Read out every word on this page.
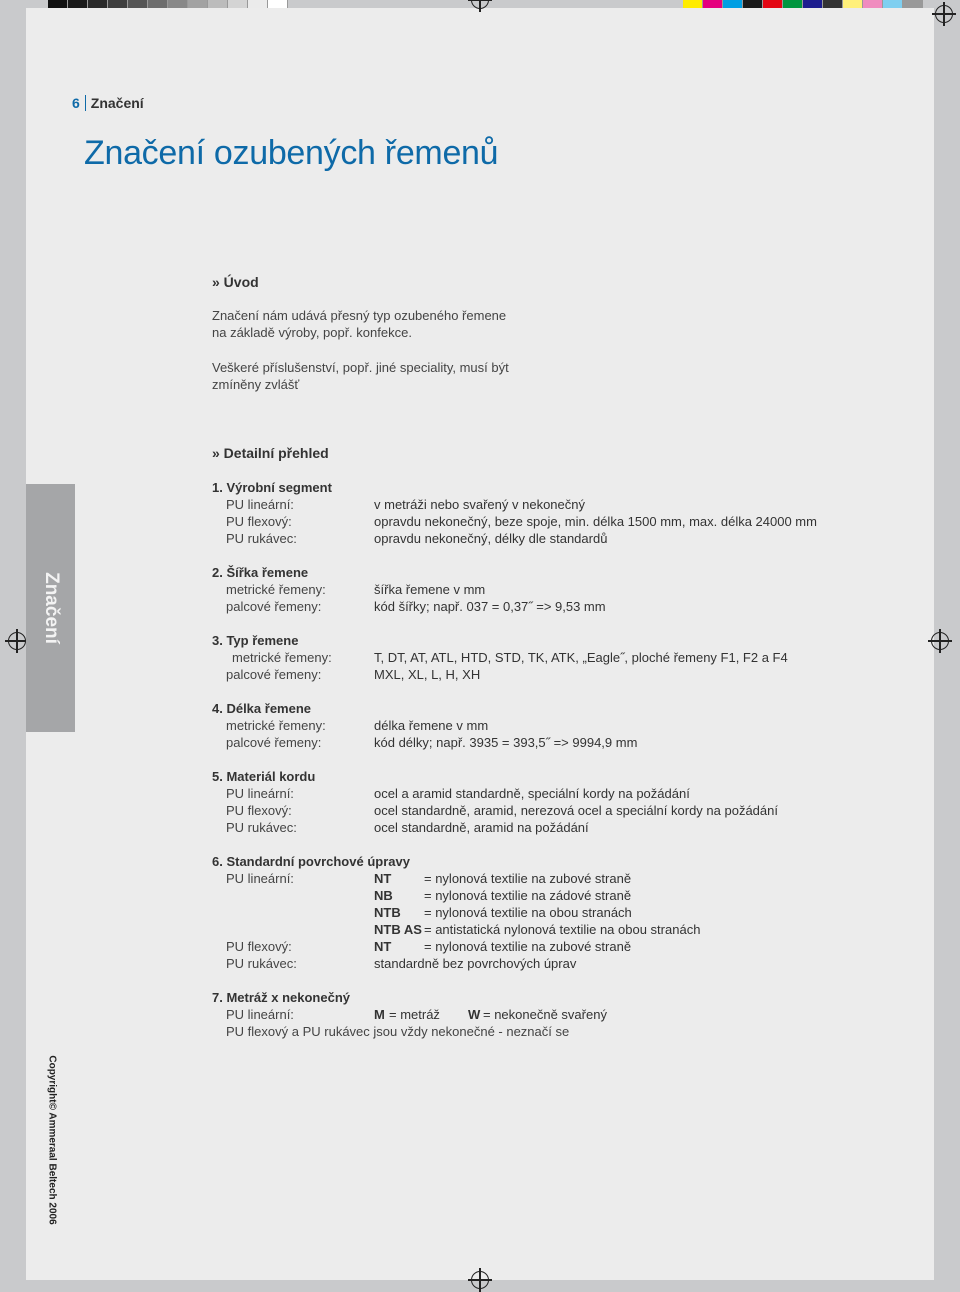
6 Značení
Značení ozubených řemenů
Značení
Copyright© Ammeraal Beltech 2006
» Úvod
Značení nám udává přesný typ ozubeného řemene
na základě výroby, popř. konfekce.
Veškeré příslušenství, popř. jiné speciality, musí být
zmíněny zvlášť
» Detailní přehled
1. Výrobní segment
PU lineární:	v metráži nebo svařený v nekonečný
PU flexový:	opravdu nekonečný, beze spoje, min. délka 1500 mm, max. délka 24000 mm
PU rukávec:	opravdu nekonečný, délky dle standardů
2. Šířka řemene
metrické řemeny:	šířka řemene v mm
palcové řemeny:	kód šířky; např. 037 = 0,37˝ => 9,53 mm
3. Typ řemene
metrické řemeny:	T, DT, AT, ATL, HTD, STD, TK, ATK, „Eagle˝, ploché řemeny F1, F2 a F4
palcové řemeny:	MXL, XL, L, H, XH
4. Délka řemene
metrické řemeny:	délka řemene v mm
palcové řemeny:	kód délky; např. 3935 = 393,5˝ => 9994,9 mm
5. Materiál kordu
PU lineární:	ocel a aramid standardně, speciální kordy na požádání
PU flexový:	ocel standardně, aramid, nerezová ocel a speciální kordy na požádání
PU rukávec:	ocel standardně, aramid na požádání
6. Standardní povrchové úpravy
PU lineární:	NT	= nylonová textilie na zubové straně
NB = nylonová textilie na zádové straně
NTB = nylonová textilie na obou stranách
NTB AS = antistatická nylonová textilie na obou stranách
PU flexový:	NT	= nylonová textilie na zubové straně
PU rukávec:	standardně bez povrchových úprav
7. Metráž x nekonečný
PU lineární:	M = metráž W = nekonečně svařený
PU flexový a PU rukávec jsou vždy nekonečné - neznačí se
